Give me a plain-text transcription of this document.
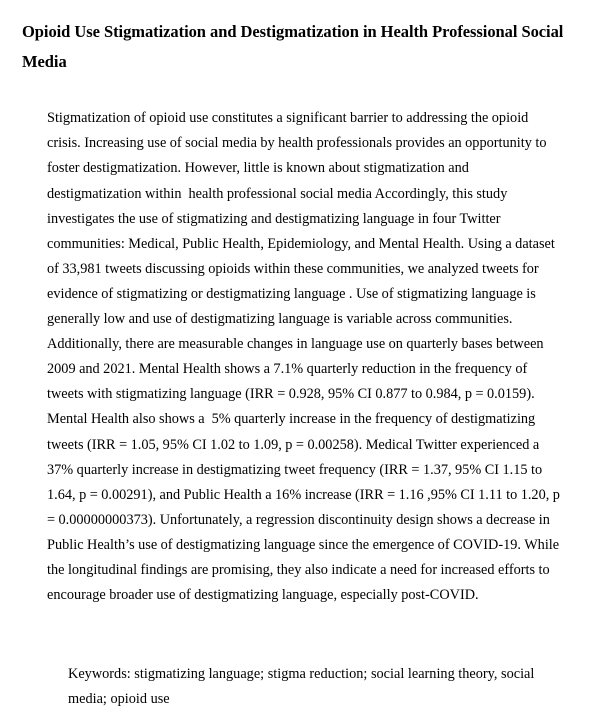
Opioid Use Stigmatization and Destigmatization in Health Professional Social Media

Stigmatization of opioid use constitutes a significant barrier to addressing the opioid crisis. Increasing use of social media by health professionals provides an opportunity to foster destigmatization. However, little is known about stigmatization and destigmatization within  health professional social media Accordingly, this study investigates the use of stigmatizing and destigmatizing language in four Twitter communities: Medical, Public Health, Epidemiology, and Mental Health. Using a dataset of 33,981 tweets discussing opioids within these communities, we analyzed tweets for evidence of stigmatizing or destigmatizing language . Use of stigmatizing language is generally low and use of destigmatizing language is variable across communities. Additionally, there are measurable changes in language use on quarterly bases between 2009 and 2021. Mental Health shows a 7.1% quarterly reduction in the frequency of tweets with stigmatizing language (IRR = 0.928, 95% CI 0.877 to 0.984, p = 0.0159). Mental Health also shows a  5% quarterly increase in the frequency of destigmatizing tweets (IRR = 1.05, 95% CI 1.02 to 1.09, p = 0.00258). Medical Twitter experienced a 37% quarterly increase in destigmatizing tweet frequency (IRR = 1.37, 95% CI 1.15 to 1.64, p = 0.00291), and Public Health a 16% increase (IRR = 1.16 ,95% CI 1.11 to 1.20, p = 0.00000000373). Unfortunately, a regression discontinuity design shows a decrease in Public Health’s use of destigmatizing language since the emergence of COVID-19. While the longitudinal findings are promising, they also indicate a need for increased efforts to encourage broader use of destigmatizing language, especially post-COVID.

Keywords: stigmatizing language; stigma reduction; social learning theory, social media; opioid use
